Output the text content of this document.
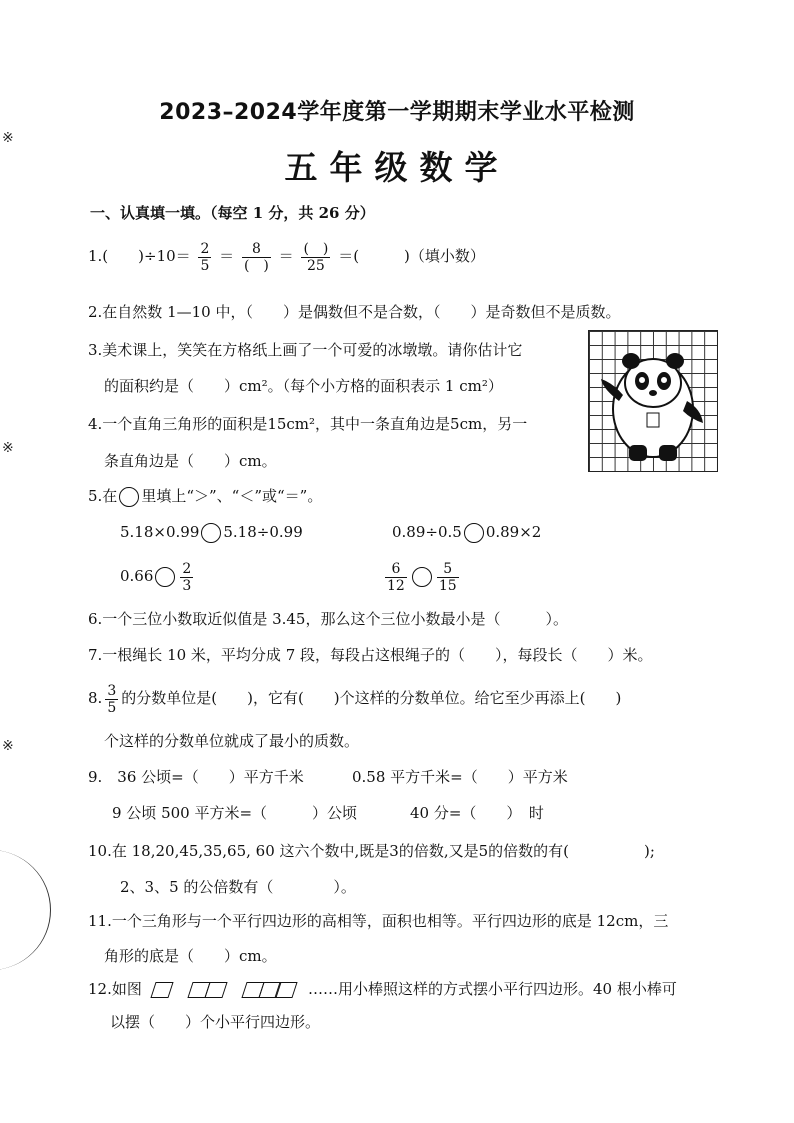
※
※
※
2023–2024学年度第一学期期末学业水平检测
五年级数学
一、认真填一填。（每空 1 分，共 26 分）
1.(　　)$\div 10= \frac{2}{5} = \frac{8}{( )} = \frac{( )}{25}$ ＝(　　　)（填小数）
2.在自然数 1—10 中，（　　）是偶数但不是合数，（　　）是奇数但不是质数。
3.美术课上，笑笑在方格纸上画了一个可爱的冰墩墩。请你估计它
的面积约是（　　）cm²。（每个小方格的面积表示 1 cm²）
4.一个直角三角形的面积是15cm²，其中一条直角边是5cm，另一
条直角边是（　　）cm。
5.在 里填上“＞”、“＜”或“＝”。
5.18×0.99 5.18÷0.99	0.89÷0.5 0.89×2
$0.66 \frac{2}{3}$	$\frac{6}{12} \frac{5}{15}$
6.一个三位小数取近似值是 3.45，那么这个三位小数最小是（　　　）。
7.一根绳长 10 米，平均分成 7 段，每段占这根绳子的（　　），每段长（　　）米。
8. $\frac{3}{5}$ 的分数单位是(　　)，它有(　　)个这样的分数单位。给它至少再添上(　　)
个这样的分数单位就成了最小的质数。
9.　36 公顷=（　　）平方千米	0.58 平方千米=（　　）平方米
9 公顷 500 平方米=（　　　）公顷	40 分=（　　）　时
10.在 18,20,45,35,65, 60 这六个数中,既是3的倍数,又是5的倍数的有(　　　　　);
2、3、5 的公倍数有（　　　　）。
11.一个三角形与一个平行四边形的高相等，面积也相等。平行四边形的底是 12cm，三
角形的底是（　　）cm。
12.如图	……用小棒照这样的方式摆小平行四边形。40 根小棒可
以摆（　　）个小平行四边形。
